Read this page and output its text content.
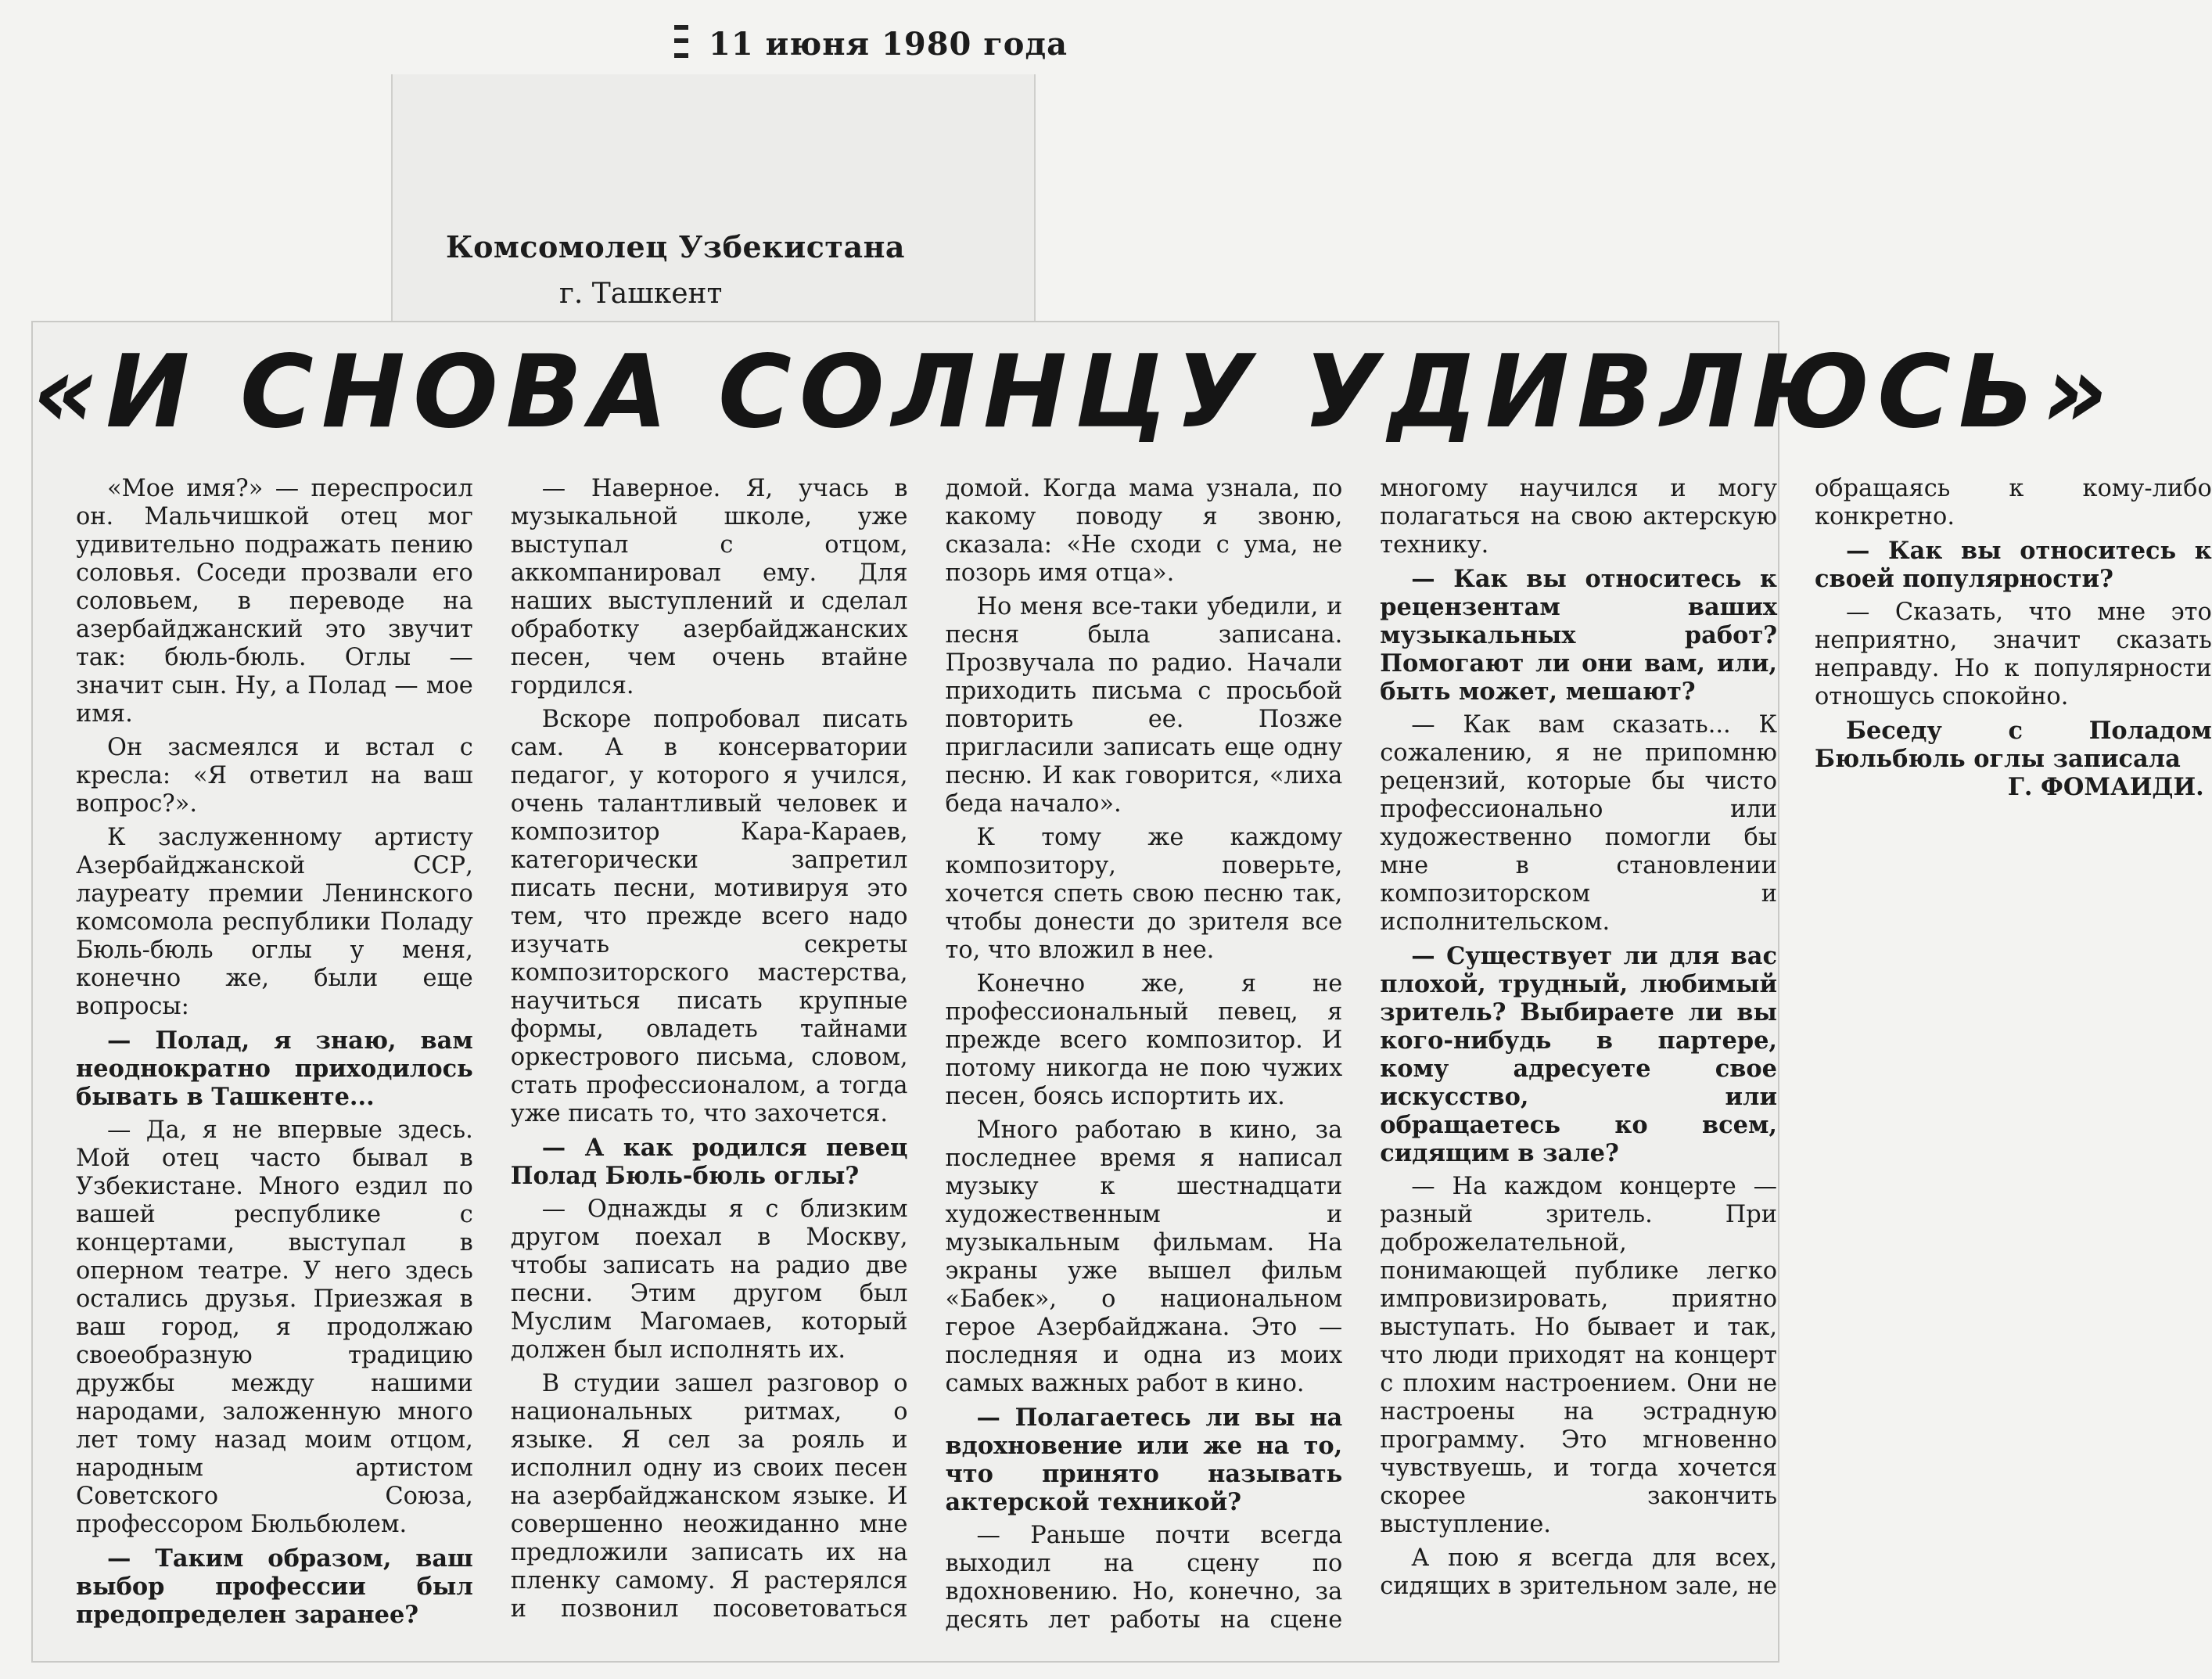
11 июня 1980 года
Комсомолец Узбекистана
г. Ташкент
«И СНОВА СОЛНЦУ УДИВЛЮСЬ»

«Мое имя?» — переспросил он. Мальчишкой отец мог удивительно подражать пению соловья. Соседи прозвали его соловьем, в переводе на азербайджанский это звучит так: бюль-бюль. Оглы — значит сын. Ну, а Полад — мое имя.

Он засмеялся и встал с кресла: «Я ответил на ваш вопрос?».

К заслуженному артисту Азербайджанской ССР, лауреату премии Ленинского комсомола республики Поладу Бюль-бюль оглы у меня, конечно же, были еще вопросы:

— Полад, я знаю, вам неоднократно приходилось бывать в Ташкенте...

— Да, я не впервые здесь. Мой отец часто бывал в Узбекистане. Много ездил по вашей республике с концертами, выступал в оперном театре. У него здесь остались друзья. Приезжая в ваш город, я продолжаю своеобразную традицию дружбы между нашими народами, заложенную много лет тому назад моим отцом, народным артистом Советского Союза, профессором Бюльбюлем.

— Таким образом, ваш выбор профессии был предопределен заранее?

— Наверное. Я, учась в музыкальной школе, уже выступал с отцом, аккомпанировал ему. Для наших выступлений и сделал обработку азербайджанских песен, чем очень втайне гордился.

Вскоре попробовал писать сам. А в консерватории педагог, у которого я учился, очень талантливый человек и композитор Кара-Караев, категорически запретил писать песни, мотивируя это тем, что прежде всего надо изучать секреты композиторского мастерства, научиться писать крупные формы, овладеть тайнами оркестрового письма, словом, стать профессионалом, а тогда уже писать то, что захочется.

— А как родился певец Полад Бюль-бюль оглы?

— Однажды я с близким другом поехал в Москву, чтобы записать на радио две песни. Этим другом был Муслим Магомаев, который должен был исполнять их.

В студии зашел разговор о национальных ритмах, о языке. Я сел за рояль и исполнил одну из своих песен на азербайджанском языке. И совершенно неожиданно мне предложили записать их на пленку самому. Я растерялся и позвонил посоветоваться домой. Когда мама узнала, по какому поводу я звоню, сказала: «Не сходи с ума, не позорь имя отца».

Но меня все-таки убедили, и песня была записана. Прозвучала по радио. Начали приходить письма с просьбой повторить ее. Позже пригласили записать еще одну песню. И как говорится, «лиха беда начало».

К тому же каждому композитору, поверьте, хочется спеть свою песню так, чтобы донести до зрителя все то, что вложил в нее.

Конечно же, я не профессиональный певец, я прежде всего композитор. И потому никогда не пою чужих песен, боясь испортить их.

Много работаю в кино, за последнее время я написал музыку к шестнадцати художественным и музыкальным фильмам. На экраны уже вышел фильм «Бабек», о национальном герое Азербайджана. Это — последняя и одна из моих самых важных работ в кино.

— Полагаетесь ли вы на вдохновение или же на то, что принято называть актерской техникой?

— Раньше почти всегда выходил на сцену по вдохновению. Но, конечно, за десять лет работы на сцене многому научился и могу полагаться на свою актерскую технику.

— Как вы относитесь к рецензентам ваших музыкальных работ? Помогают ли они вам, или, быть может, мешают?

— Как вам сказать... К сожалению, я не припомню рецензий, которые бы чисто профессионально или художественно помогли бы мне в становлении композиторском и исполнительском.

— Существует ли для вас плохой, трудный, любимый зритель? Выбираете ли вы кого-нибудь в партере, кому адресуете свое искусство, или обращаетесь ко всем, сидящим в зале?

— На каждом концерте — разный зритель. При доброжелательной, понимающей публике легко импровизировать, приятно выступать. Но бывает и так, что люди приходят на концерт с плохим настроением. Они не настроены на эстрадную программу. Это мгновенно чувствуешь, и тогда хочется скорее закончить выступление.

А пою я всегда для всех, сидящих в зрительном зале, не обращаясь к кому-либо конкретно.

— Как вы относитесь к своей популярности?

— Сказать, что мне это неприятно, значит сказать неправду. Но к популярности отношусь спокойно.

Беседу с Поладом Бюльбюль оглы записала
Г. ФОМАИДИ.
